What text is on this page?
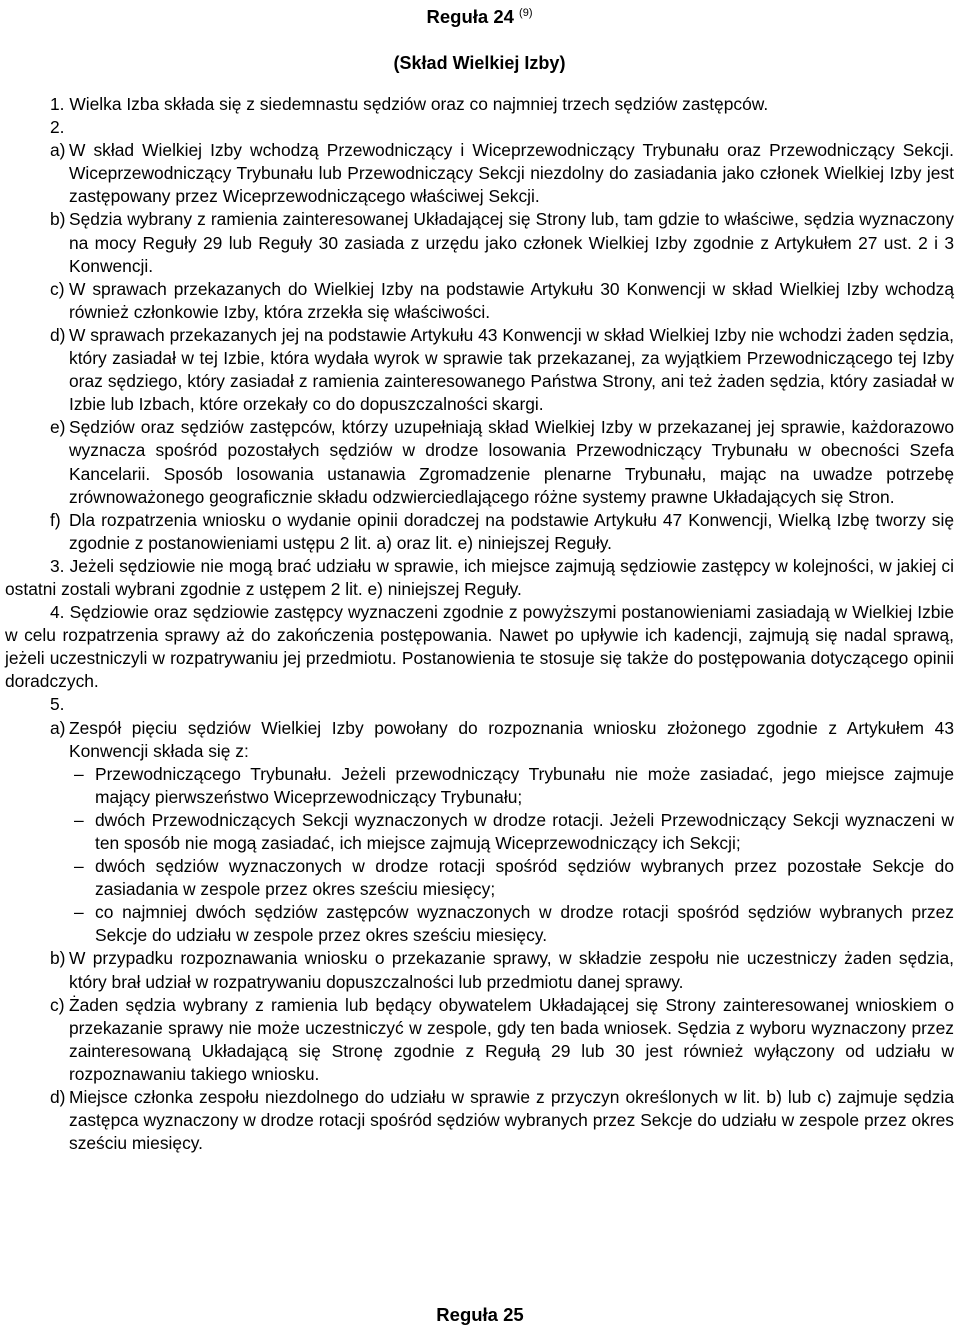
Reguła 24 $^{(9)}$
(Skład Wielkiej Izby)

1. Wielka Izba składa się z siedemnastu sędziów oraz co najmniej trzech sędziów zastępców.

2.

a) W skład Wielkiej Izby wchodzą Przewodniczący i Wiceprzewodniczący Trybunału oraz Przewodniczący Sekcji. Wiceprzewodniczący Trybunału lub Przewodniczący Sekcji niezdolny do zasiadania jako członek Wielkiej Izby jest zastępowany przez Wiceprzewodniczącego właściwej Sekcji.
b) Sędzia wybrany z ramienia zainteresowanej Układającej się Strony lub, tam gdzie to właściwe, sędzia wyznaczony na mocy Reguły 29 lub Reguły 30 zasiada z urzędu jako członek Wielkiej Izby zgodnie z Artykułem 27 ust. 2 i 3 Konwencji.
c) W sprawach przekazanych do Wielkiej Izby na podstawie Artykułu 30 Konwencji w skład Wielkiej Izby wchodzą również członkowie Izby, która zrzekła się właściwości.
d) W sprawach przekazanych jej na podstawie Artykułu 43 Konwencji w skład Wielkiej Izby nie wchodzi żaden sędzia, który zasiadał w tej Izbie, która wydała wyrok w sprawie tak przekazanej, za wyjątkiem Przewodniczącego tej Izby oraz sędziego, który zasiadał z ramienia zainteresowanego Państwa Strony, ani też żaden sędzia, który zasiadał w Izbie lub Izbach, które orzekały co do dopuszczalności skargi.
e) Sędziów oraz sędziów zastępców, którzy uzupełniają skład Wielkiej Izby w przekazanej jej sprawie, każdorazowo wyznacza spośród pozostałych sędziów w drodze losowania Przewodniczący Trybunału w obecności Szefa Kancelarii. Sposób losowania ustanawia Zgromadzenie plenarne Trybunału, mając na uwadze potrzebę zrównoważonego geograficznie składu odzwierciedlającego różne systemy prawne Układających się Stron.
f) Dla rozpatrzenia wniosku o wydanie opinii doradczej na podstawie Artykułu 47 Konwencji, Wielką Izbę tworzy się zgodnie z postanowieniami ustępu 2 lit. a) oraz lit. e) niniejszej Reguły.

3. Jeżeli sędziowie nie mogą brać udziału w sprawie, ich miejsce zajmują sędziowie zastępcy w kolejności, w jakiej ci ostatni zostali wybrani zgodnie z ustępem 2 lit. e) niniejszej Reguły.

4. Sędziowie oraz sędziowie zastępcy wyznaczeni zgodnie z powyższymi postanowieniami zasiadają w Wielkiej Izbie w celu rozpatrzenia sprawy aż do zakończenia postępowania. Nawet po upływie ich kadencji, zajmują się nadal sprawą, jeżeli uczestniczyli w rozpatrywaniu jej przedmiotu. Postanowienia te stosuje się także do postępowania dotyczącego opinii doradczych.

5.

a) Zespół pięciu sędziów Wielkiej Izby powołany do rozpoznania wniosku złożonego zgodnie z Artykułem 43 Konwencji składa się z:
– Przewodniczącego Trybunału. Jeżeli przewodniczący Trybunału nie może zasiadać, jego miejsce zajmuje mający pierwszeństwo Wiceprzewodniczący Trybunału;
– dwóch Przewodniczących Sekcji wyznaczonych w drodze rotacji. Jeżeli Przewodniczący Sekcji wyznaczeni w ten sposób nie mogą zasiadać, ich miejsce zajmują Wiceprzewodniczący ich Sekcji;
– dwóch sędziów wyznaczonych w drodze rotacji spośród sędziów wybranych przez pozostałe Sekcje do zasiadania w zespole przez okres sześciu miesięcy;
– co najmniej dwóch sędziów zastępców wyznaczonych w drodze rotacji spośród sędziów wybranych przez Sekcje do udziału w zespole przez okres sześciu miesięcy.
b) W przypadku rozpoznawania wniosku o przekazanie sprawy, w składzie zespołu nie uczestniczy żaden sędzia, który brał udział w rozpatrywaniu dopuszczalności lub przedmiotu danej sprawy.
c) Żaden sędzia wybrany z ramienia lub będący obywatelem Układającej się Strony zainteresowanej wnioskiem o przekazanie sprawy nie może uczestniczyć w zespole, gdy ten bada wniosek. Sędzia z wyboru wyznaczony przez zainteresowaną Układającą się Stronę zgodnie z Regułą 29 lub 30 jest również wyłączony od udziału w rozpoznawaniu takiego wniosku.
d) Miejsce członka zespołu niezdolnego do udziału w sprawie z przyczyn określonych w lit. b) lub c) zajmuje sędzia zastępca wyznaczony w drodze rotacji spośród sędziów wybranych przez Sekcje do udziału w zespole przez okres sześciu miesięcy.
Reguła 25
